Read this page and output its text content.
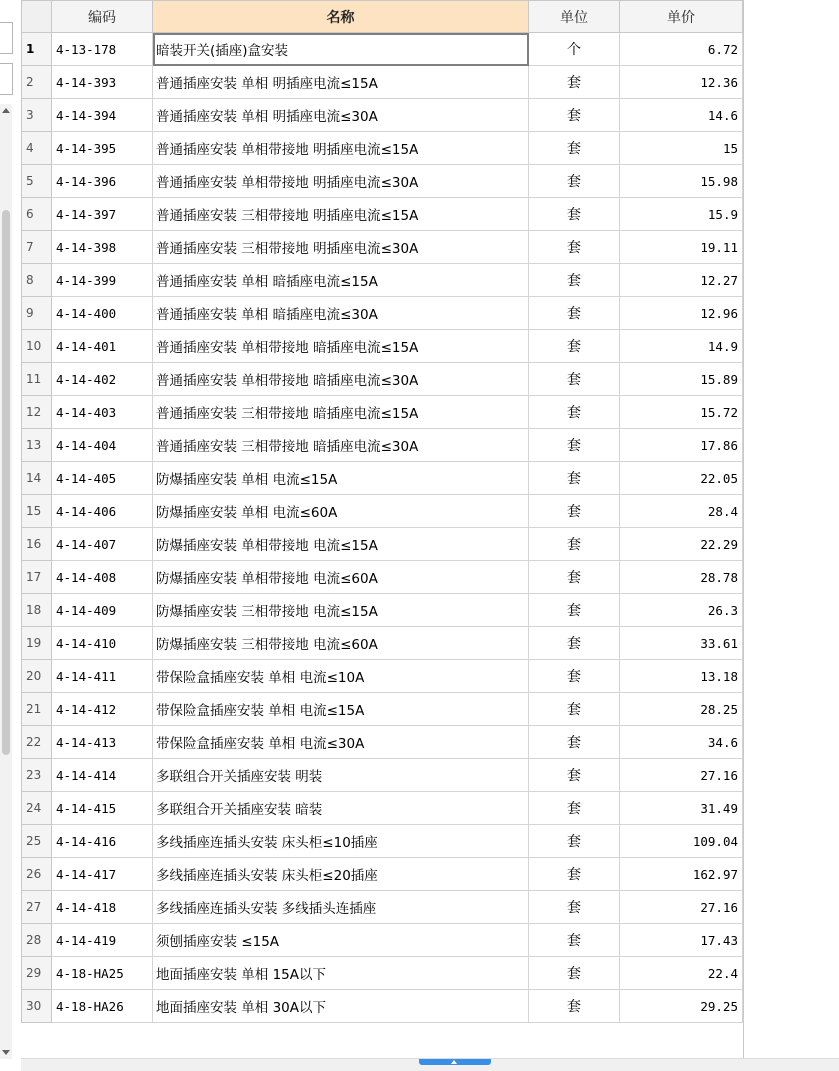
	编码	名称	单位	单价
1	4-13-178	暗装开关(插座)盒安装	个	6.72
2	4-14-393	普通插座安装 单相 明插座电流≤15A	套	12.36
3	4-14-394	普通插座安装 单相 明插座电流≤30A	套	14.6
4	4-14-395	普通插座安装 单相带接地 明插座电流≤15A	套	15
5	4-14-396	普通插座安装 单相带接地 明插座电流≤30A	套	15.98
6	4-14-397	普通插座安装 三相带接地 明插座电流≤15A	套	15.9
7	4-14-398	普通插座安装 三相带接地 明插座电流≤30A	套	19.11
8	4-14-399	普通插座安装 单相 暗插座电流≤15A	套	12.27
9	4-14-400	普通插座安装 单相 暗插座电流≤30A	套	12.96
10	4-14-401	普通插座安装 单相带接地 暗插座电流≤15A	套	14.9
11	4-14-402	普通插座安装 单相带接地 暗插座电流≤30A	套	15.89
12	4-14-403	普通插座安装 三相带接地 暗插座电流≤15A	套	15.72
13	4-14-404	普通插座安装 三相带接地 暗插座电流≤30A	套	17.86
14	4-14-405	防爆插座安装 单相 电流≤15A	套	22.05
15	4-14-406	防爆插座安装 单相 电流≤60A	套	28.4
16	4-14-407	防爆插座安装 单相带接地 电流≤15A	套	22.29
17	4-14-408	防爆插座安装 单相带接地 电流≤60A	套	28.78
18	4-14-409	防爆插座安装 三相带接地 电流≤15A	套	26.3
19	4-14-410	防爆插座安装 三相带接地 电流≤60A	套	33.61
20	4-14-411	带保险盒插座安装 单相 电流≤10A	套	13.18
21	4-14-412	带保险盒插座安装 单相 电流≤15A	套	28.25
22	4-14-413	带保险盒插座安装 单相 电流≤30A	套	34.6
23	4-14-414	多联组合开关插座安装 明装	套	27.16
24	4-14-415	多联组合开关插座安装 暗装	套	31.49
25	4-14-416	多线插座连插头安装 床头柜≤10插座	套	109.04
26	4-14-417	多线插座连插头安装 床头柜≤20插座	套	162.97
27	4-14-418	多线插座连插头安装 多线插头连插座	套	27.16
28	4-14-419	须刨插座安装 ≤15A	套	17.43
29	4-18-HA25	地面插座安装 单相 15A以下	套	22.4
30	4-18-HA26	地面插座安装 单相 30A以下	套	29.25
